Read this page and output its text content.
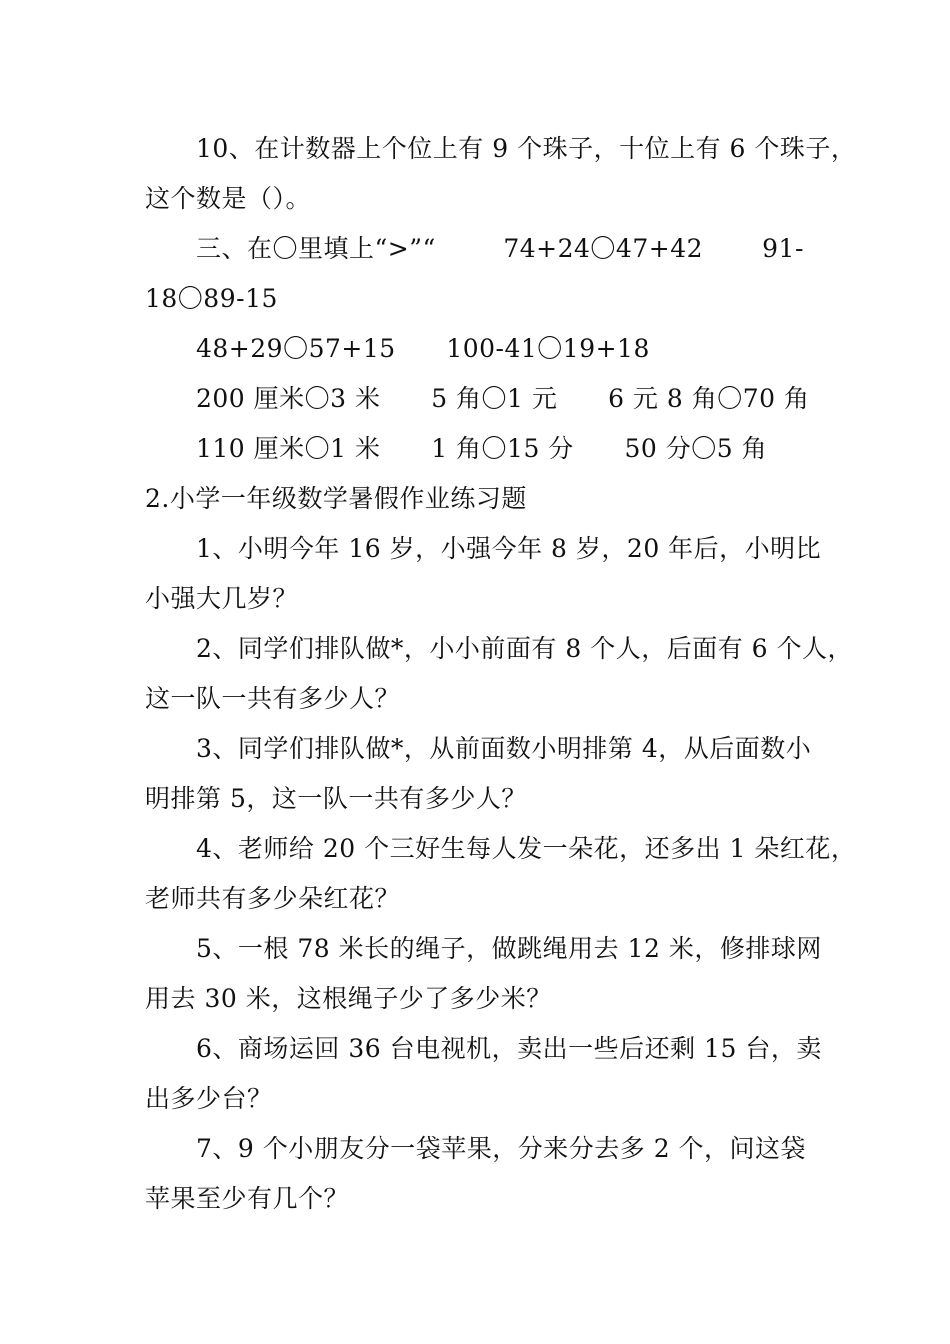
10、在计数器上个位上有 9 个珠子，十位上有 6 个珠子，

这个数是（）。

三、在〇里填上“>”“        74+24〇47+42       91-

18〇89-15

48+29〇57+15      100-41〇19+18

200 厘米〇3 米      5 角〇1 元      6 元 8 角〇70 角

110 厘米〇1 米      1 角〇15 分      50 分〇5 角

2.小学一年级数学暑假作业练习题

1、小明今年 16 岁，小强今年 8 岁，20 年后，小明比

小强大几岁？

2、同学们排队做*，小小前面有 8 个人，后面有 6 个人，

这一队一共有多少人？

3、同学们排队做*，从前面数小明排第 4，从后面数小

明排第 5，这一队一共有多少人？

4、老师给 20 个三好生每人发一朵花，还多出 1 朵红花，

老师共有多少朵红花？

5、一根 78 米长的绳子，做跳绳用去 12 米，修排球网

用去 30 米，这根绳子少了多少米？

6、商场运回 36 台电视机，卖出一些后还剩 15 台，卖

出多少台？

7、9 个小朋友分一袋苹果，分来分去多 2 个，问这袋

苹果至少有几个？
